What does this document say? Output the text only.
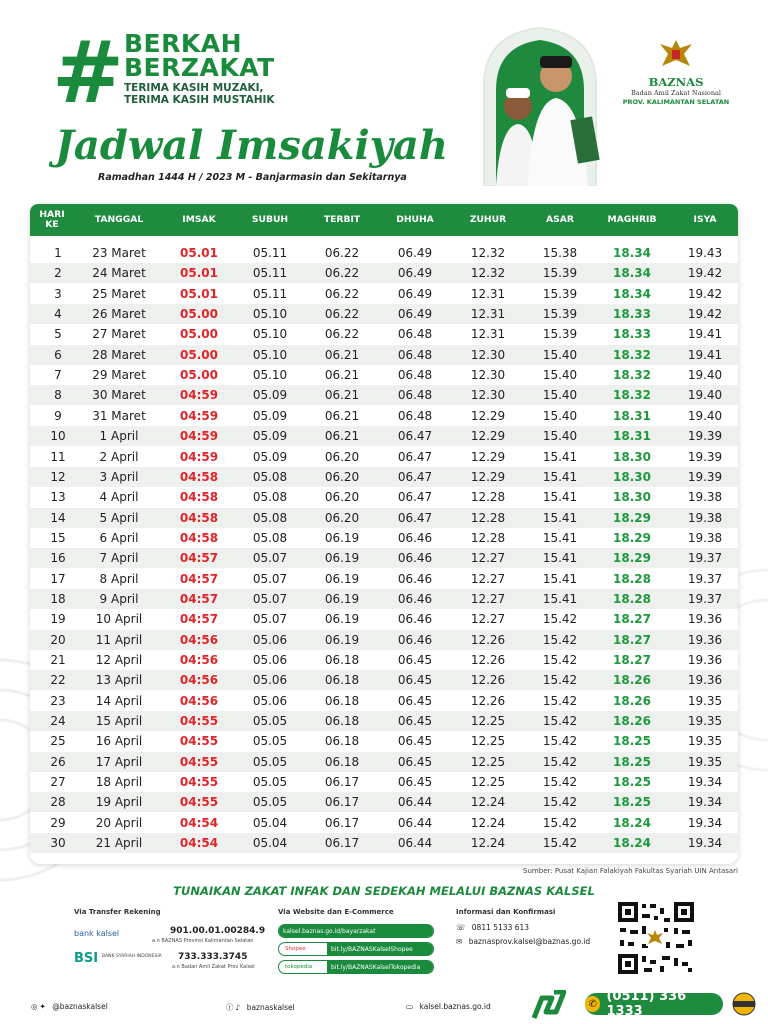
# BERKAH
BERZAKAT
TERIMA KASIH MUZAKI,
TERIMA KASIH MUSTAHIK
Jadwal Imsakiyah
Ramadhan 1444 H / 2023 M - Banjarmasin dan Sekitarnya
BAZNAS
Badan Amil Zakat Nasional
PROV. KALIMANTAN SELATAN
HARI
KE	TANGGAL	IMSAK	SUBUH	TERBIT	DHUHA	ZUHUR	ASAR	MAGHRIB	ISYA
1	23 Maret	05.01	05.11	06.22	06.49	12.32	15.38	18.34	19.43
2	24 Maret	05.01	05.11	06.22	06.49	12.32	15.39	18.34	19.42
3	25 Maret	05.01	05.11	06.22	06.49	12.31	15.39	18.34	19.42
4	26 Maret	05.00	05.10	06.22	06.49	12.31	15.39	18.33	19.42
5	27 Maret	05.00	05.10	06.22	06.48	12.31	15.39	18.33	19.41
6	28 Maret	05.00	05.10	06.21	06.48	12.30	15.40	18.32	19.41
7	29 Maret	05.00	05.10	06.21	06.48	12.30	15.40	18.32	19.40
8	30 Maret	04:59	05.09	06.21	06.48	12.30	15.40	18.32	19.40
9	31 Maret	04:59	05.09	06.21	06.48	12.29	15.40	18.31	19.40
10	1 April	04:59	05.09	06.21	06.47	12.29	15.40	18.31	19.39
11	2 April	04:59	05.09	06.20	06.47	12.29	15.41	18.30	19.39
12	3 April	04:58	05.08	06.20	06.47	12.29	15.41	18.30	19.39
13	4 April	04:58	05.08	06.20	06.47	12.28	15.41	18.30	19.38
14	5 April	04:58	05.08	06.20	06.47	12.28	15.41	18.29	19.38
15	6 April	04:58	05.08	06.19	06.46	12.28	15.41	18.29	19.38
16	7 April	04:57	05.07	06.19	06.46	12.27	15.41	18.29	19.37
17	8 April	04:57	05.07	06.19	06.46	12.27	15.41	18.28	19.37
18	9 April	04:57	05.07	06.19	06.46	12.27	15.41	18.28	19.37
19	10 April	04:57	05.07	06.19	06.46	12.27	15.42	18.27	19.36
20	11 April	04:56	05.06	06.19	06.46	12.26	15.42	18.27	19.36
21	12 April	04:56	05.06	06.18	06.45	12.26	15.42	18.27	19.36
22	13 April	04:56	05.06	06.18	06.45	12.26	15.42	18.26	19.36
23	14 April	04:56	05.06	06.18	06.45	12.26	15.42	18.26	19.35
24	15 April	04:55	05.05	06.18	06.45	12.25	15.42	18.26	19.35
25	16 April	04:55	05.05	06.18	06.45	12.25	15.42	18.25	19.35
26	17 April	04:55	05.05	06.18	06.45	12.25	15.42	18.25	19.35
27	18 April	04:55	05.05	06.17	06.45	12.25	15.42	18.25	19.34
28	19 April	04:55	05.05	06.17	06.44	12.24	15.42	18.25	19.34
29	20 April	04:54	05.04	06.17	06.44	12.24	15.42	18.24	19.34
30	21 April	04:54	05.04	06.17	06.44	12.24	15.42	18.24	19.34
Sumber: Pusat Kajian Falakiyah Fakultas Syariah UIN Antasari
TUNAIKAN ZAKAT INFAK DAN SEDEKAH MELALUI BAZNAS KALSEL
Via Transfer Rekening
bank kalsel	901.00.01.00284.9
a.n BAZNAS Provinsi Kalimantan Selatan
BSI BANK SYARIAH INDONESIA 733.333.3745
a.n Badan Amil Zakat Prov Kalsel
Via Website dan E-Commerce
kalsel.baznas.go.id/bayarzakat
Shopee	bit.ly/BAZNASKalselShopee
tokopedia	bit.ly/BAZNASKalselTokopedia
Informasi dan Konfirmasi
☏ 0811 5133 613
✉ baznasprov.kalsel@baznas.go.id
◎ ✦ @baznaskalsel	ⓕ ♪ baznaskalsel	▭ kalsel.baznas.go.id	✆ (0511) 336 1333
